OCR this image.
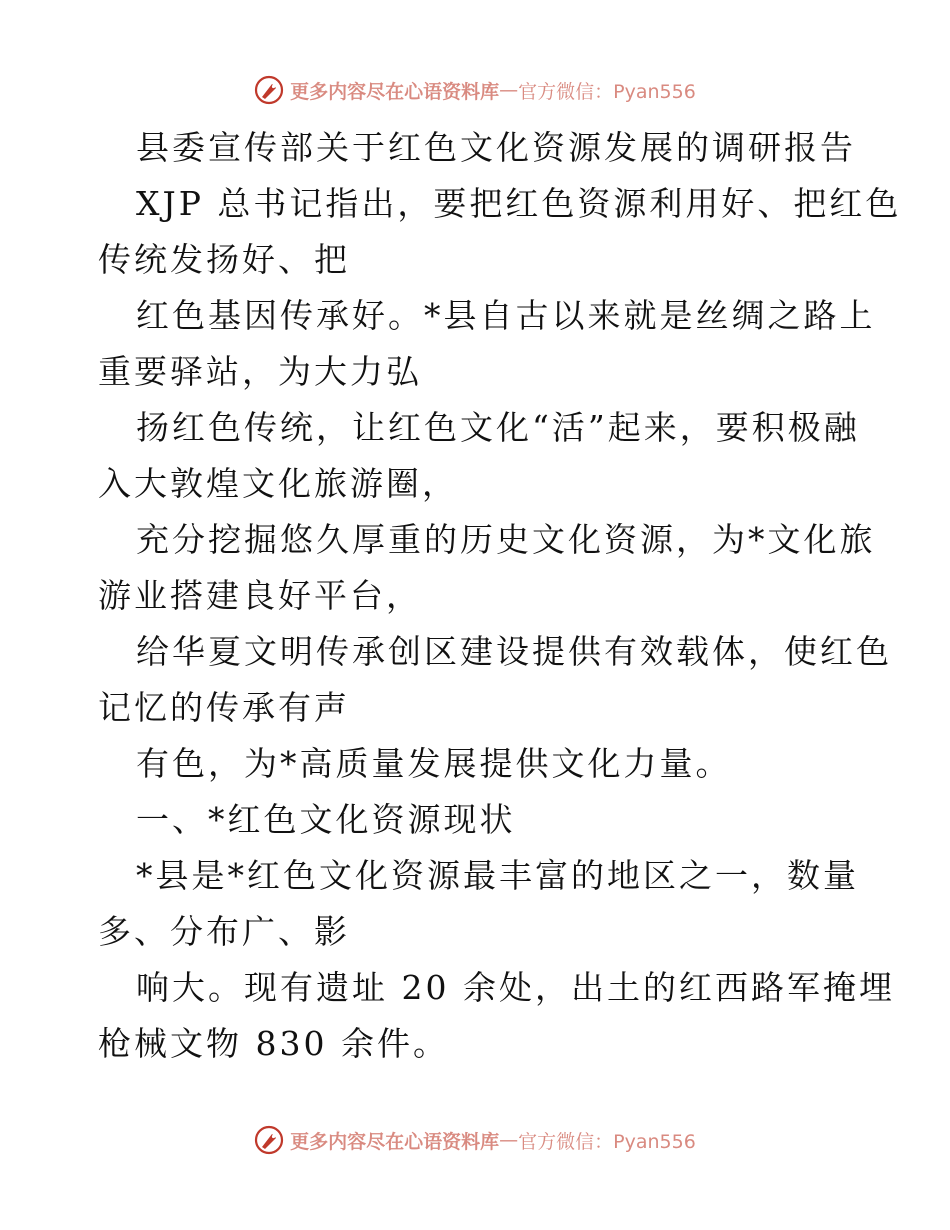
更多内容尽在心语资料库 — 官方微信：Pyan556
县委宣传部关于红色文化资源发展的调研报告
XJP 总书记指出，要把红色资源利用好、把红色
传统发扬好、把
红色基因传承好。*县自古以来就是丝绸之路上
重要驿站，为大力弘
扬红色传统，让红色文化“活”起来，要积极融
入大敦煌文化旅游圈，
充分挖掘悠久厚重的历史文化资源，为*文化旅
游业搭建良好平台，
给华夏文明传承创区建设提供有效载体，使红色
记忆的传承有声
有色，为*高质量发展提供文化力量。
一、*红色文化资源现状
*县是*红色文化资源最丰富的地区之一，数量
多、分布广、影
响大。现有遗址 20 余处，出土的红西路军掩埋
枪械文物 830 余件。
更多内容尽在心语资料库 — 官方微信：Pyan556
